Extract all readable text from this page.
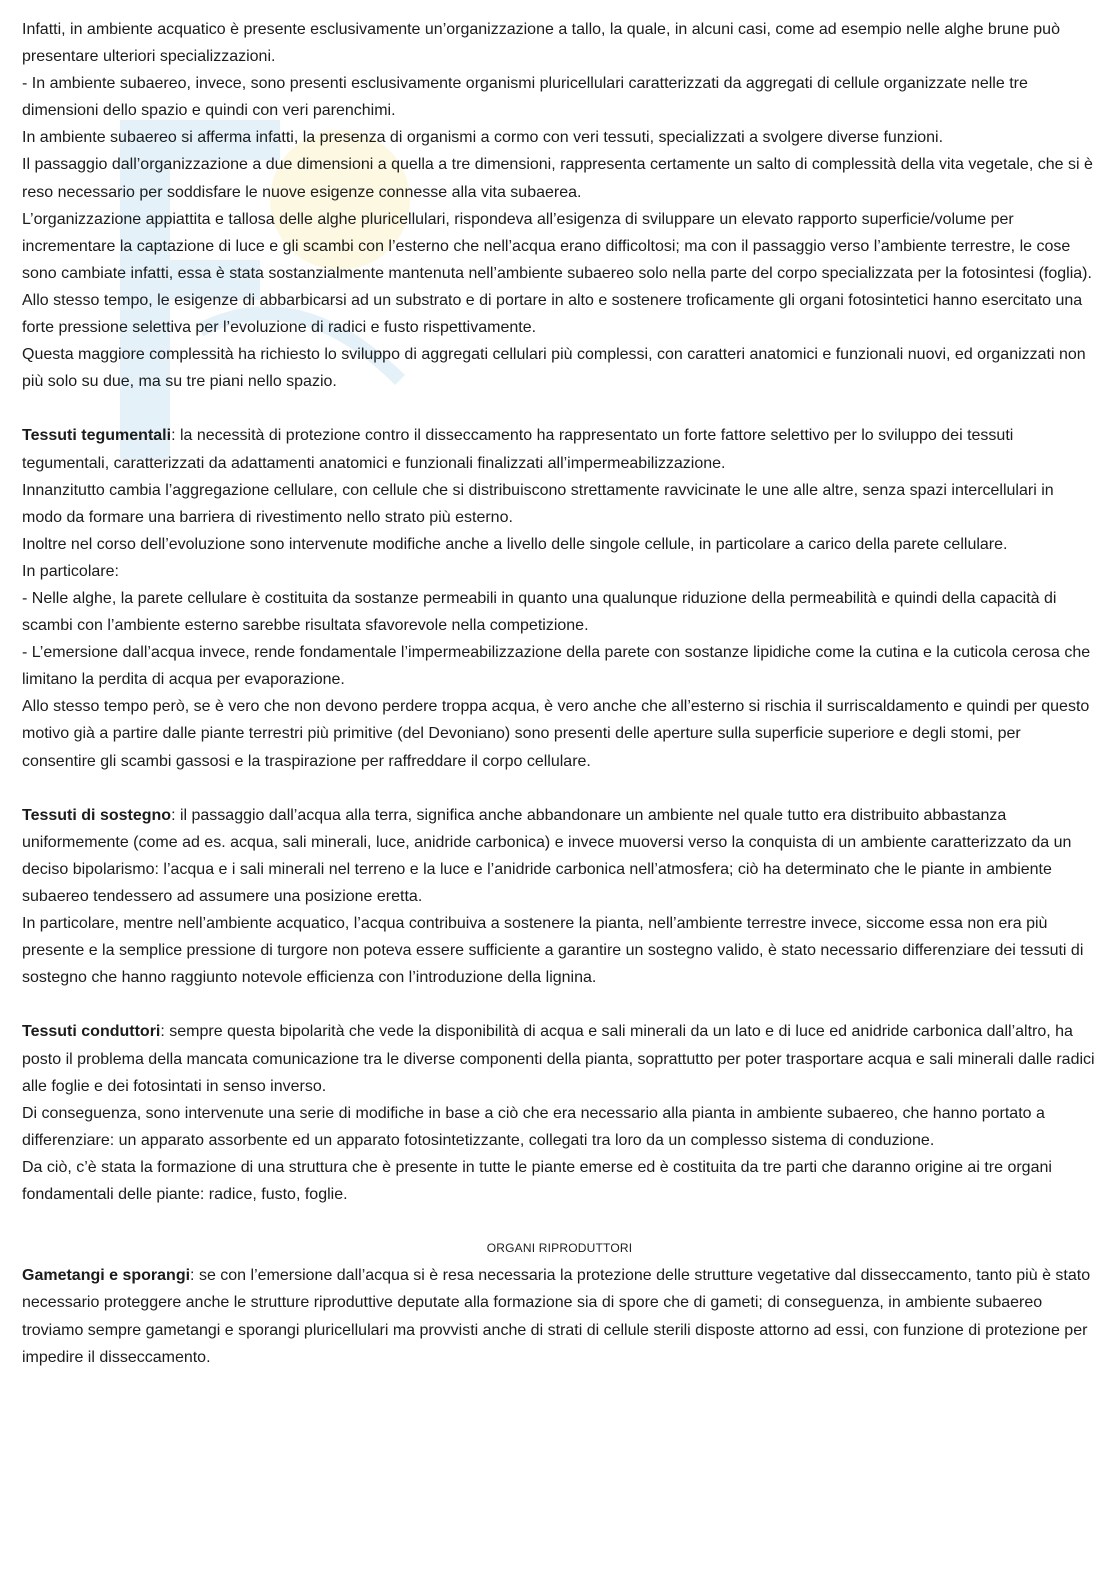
Infatti, in ambiente acquatico è presente esclusivamente un’organizzazione a tallo, la quale, in alcuni casi, come ad esempio nelle alghe brune può presentare ulteriori specializzazioni.

- In ambiente subaereo, invece, sono presenti esclusivamente organismi pluricellulari caratterizzati da aggregati di cellule organizzate nelle tre dimensioni dello spazio e quindi con veri parenchimi.

In ambiente subaereo si afferma infatti, la presenza di organismi a cormo con veri tessuti, specializzati a svolgere diverse funzioni.

Il passaggio dall’organizzazione a due dimensioni a quella a tre dimensioni, rappresenta certamente un salto di complessità della vita vegetale, che si è reso necessario per soddisfare le nuove esigenze connesse alla vita subaerea.

L’organizzazione appiattita e tallosa delle alghe pluricellulari, rispondeva all’esigenza di sviluppare un elevato rapporto superficie/volume per incrementare la captazione di luce e gli scambi con l’esterno che nell’acqua erano difficoltosi; ma con il passaggio verso l’ambiente terrestre, le cose sono cambiate infatti, essa è stata sostanzialmente mantenuta nell’ambiente subaereo solo nella parte del corpo specializzata per la fotosintesi (foglia).

Allo stesso tempo, le esigenze di abbarbicarsi ad un substrato e di portare in alto e sostenere troficamente gli organi fotosintetici hanno esercitato una forte pressione selettiva per l’evoluzione di radici e fusto rispettivamente.

Questa maggiore complessità ha richiesto lo sviluppo di aggregati cellulari più complessi, con caratteri anatomici e funzionali nuovi, ed organizzati non più solo su due, ma su tre piani nello spazio.

Tessuti tegumentali: la necessità di protezione contro il disseccamento ha rappresentato un forte fattore selettivo per lo sviluppo dei tessuti tegumentali, caratterizzati da adattamenti anatomici e funzionali finalizzati all’impermeabilizzazione.

Innanzitutto cambia l’aggregazione cellulare, con cellule che si distribuiscono strettamente ravvicinate le une alle altre, senza spazi intercellulari in modo da formare una barriera di rivestimento nello strato più esterno.

Inoltre nel corso dell’evoluzione sono intervenute modifiche anche a livello delle singole cellule, in particolare a carico della parete cellulare.

In particolare:

- Nelle alghe, la parete cellulare è costituita da sostanze permeabili in quanto una qualunque riduzione della permeabilità e quindi della capacità di scambi con l’ambiente esterno sarebbe risultata sfavorevole nella competizione.

- L’emersione dall’acqua invece, rende fondamentale l’impermeabilizzazione della parete con sostanze lipidiche come la cutina e la cuticola cerosa che limitano la perdita di acqua per evaporazione.

Allo stesso tempo però, se è vero che non devono perdere troppa acqua, è vero anche che all’esterno si rischia il surriscaldamento e quindi per questo motivo già a partire dalle piante terrestri più primitive (del Devoniano) sono presenti delle aperture sulla superficie superiore e degli stomi, per consentire gli scambi gassosi e la traspirazione per raffreddare il corpo cellulare.

Tessuti di sostegno: il passaggio dall’acqua alla terra, significa anche abbandonare un ambiente nel quale tutto era distribuito abbastanza uniformemente (come ad es. acqua, sali minerali, luce, anidride carbonica) e invece muoversi verso la conquista di un ambiente caratterizzato da un deciso bipolarismo: l’acqua e i sali minerali nel terreno e la luce e l’anidride carbonica nell’atmosfera; ciò ha determinato che le piante in ambiente subaereo tendessero ad assumere una posizione eretta.

In particolare, mentre nell’ambiente acquatico, l’acqua contribuiva a sostenere la pianta, nell’ambiente terrestre invece, siccome essa non era più presente e la semplice pressione di turgore non poteva essere sufficiente a garantire un sostegno valido, è stato necessario differenziare dei tessuti di sostegno che hanno raggiunto notevole efficienza con l’introduzione della lignina.

Tessuti conduttori: sempre questa bipolarità che vede la disponibilità di acqua e sali minerali da un lato e di luce ed anidride carbonica dall’altro, ha posto il problema della mancata comunicazione tra le diverse componenti della pianta, soprattutto per poter trasportare acqua e sali minerali dalle radici alle foglie e dei fotosintati in senso inverso.

Di conseguenza, sono intervenute una serie di modifiche in base a ciò che era necessario alla pianta in ambiente subaereo, che hanno portato a differenziare: un apparato assorbente ed un apparato fotosintetizzante, collegati tra loro da un complesso sistema di conduzione.

Da ciò, c’è stata la formazione di una struttura che è presente in tutte le piante emerse ed è costituita da tre parti che daranno origine ai tre organi fondamentali delle piante: radice, fusto, foglie.

ORGANI RIPRODUTTORI

Gametangi e sporangi: se con l’emersione dall’acqua si è resa necessaria la protezione delle strutture vegetative dal disseccamento, tanto più è stato necessario proteggere anche le strutture riproduttive deputate alla formazione sia di spore che di gameti; di conseguenza, in ambiente subaereo troviamo sempre gametangi e sporangi pluricellulari ma provvisti anche di strati di cellule sterili disposte attorno ad essi, con funzione di protezione per impedire il disseccamento.
